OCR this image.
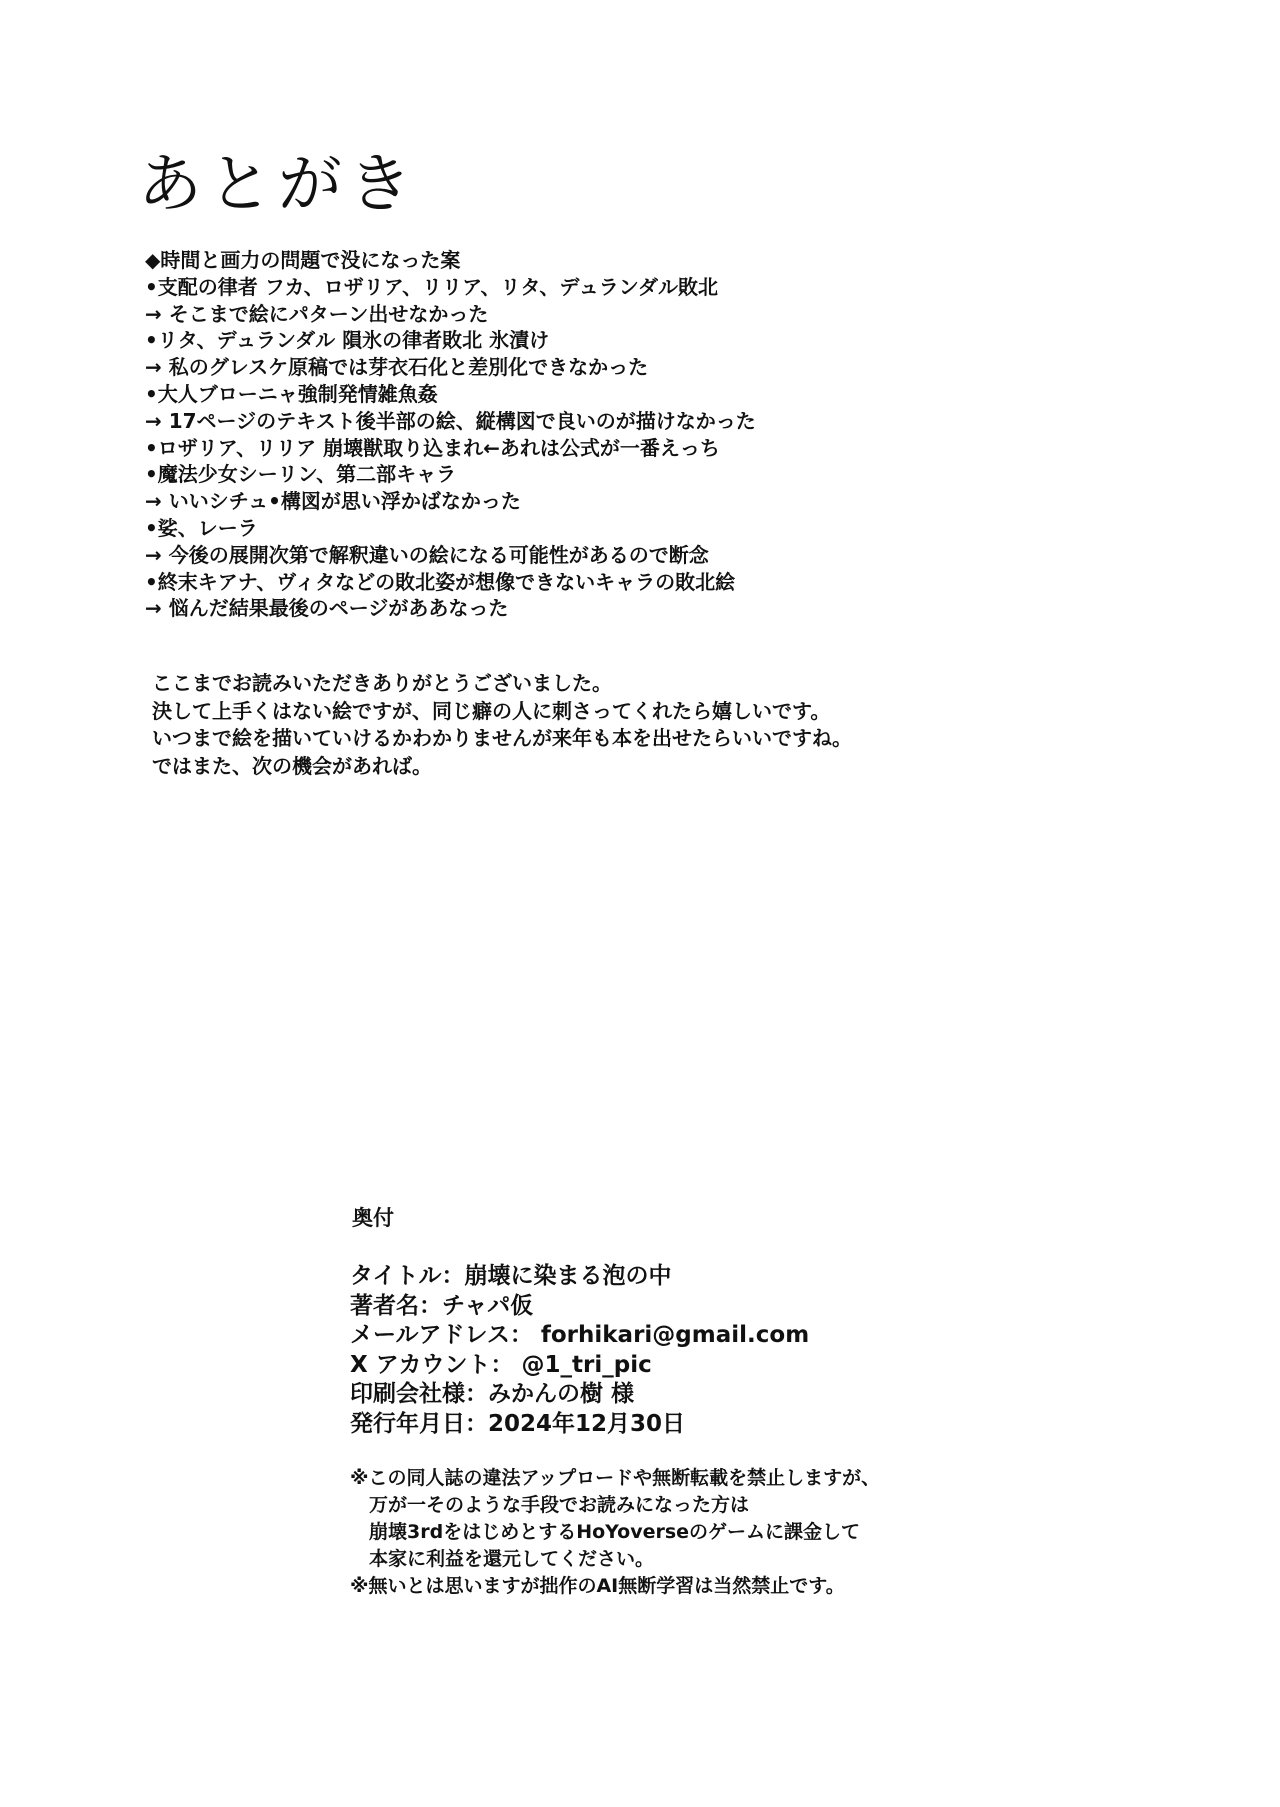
あとがき
◆時間と画力の問題で没になった案
•支配の律者 フカ、ロザリア、リリア、リタ、デュランダル敗北
→ そこまで絵にパターン出せなかった
•リタ、デュランダル 隕氷の律者敗北 氷漬け
→ 私のグレスケ原稿では芽衣石化と差別化できなかった
•大人ブローニャ強制発情雑魚姦
→ 17ページのテキスト後半部の絵、縦構図で良いのが描けなかった
•ロザリア、リリア 崩壊獣取り込まれ←あれは公式が一番えっち
•魔法少女シーリン、第二部キャラ
→ いいシチュ•構図が思い浮かばなかった
•娑、レーラ
→ 今後の展開次第で解釈違いの絵になる可能性があるので断念
•終末キアナ、ヴィタなどの敗北姿が想像できないキャラの敗北絵
→ 悩んだ結果最後のページがああなった
ここまでお読みいただきありがとうございました。
決して上手くはない絵ですが、同じ癖の人に刺さってくれたら嬉しいです。
いつまで絵を描いていけるかわかりませんが来年も本を出せたらいいですね。
ではまた、次の機会があれば。
奥付
タイトル：崩壊に染まる泡の中
著者名：チャパ仮
メールアドレス： forhikari@gmail.com
X アカウント： @1_tri_pic
印刷会社様：みかんの樹 様
発行年月日：2024年12月30日
※この同人誌の違法アップロードや無断転載を禁止しますが、
　万が一そのような手段でお読みになった方は
　崩壊3rdをはじめとするHoYoverseのゲームに課金して
　本家に利益を還元してください。
※無いとは思いますが拙作のAI無断学習は当然禁止です。
